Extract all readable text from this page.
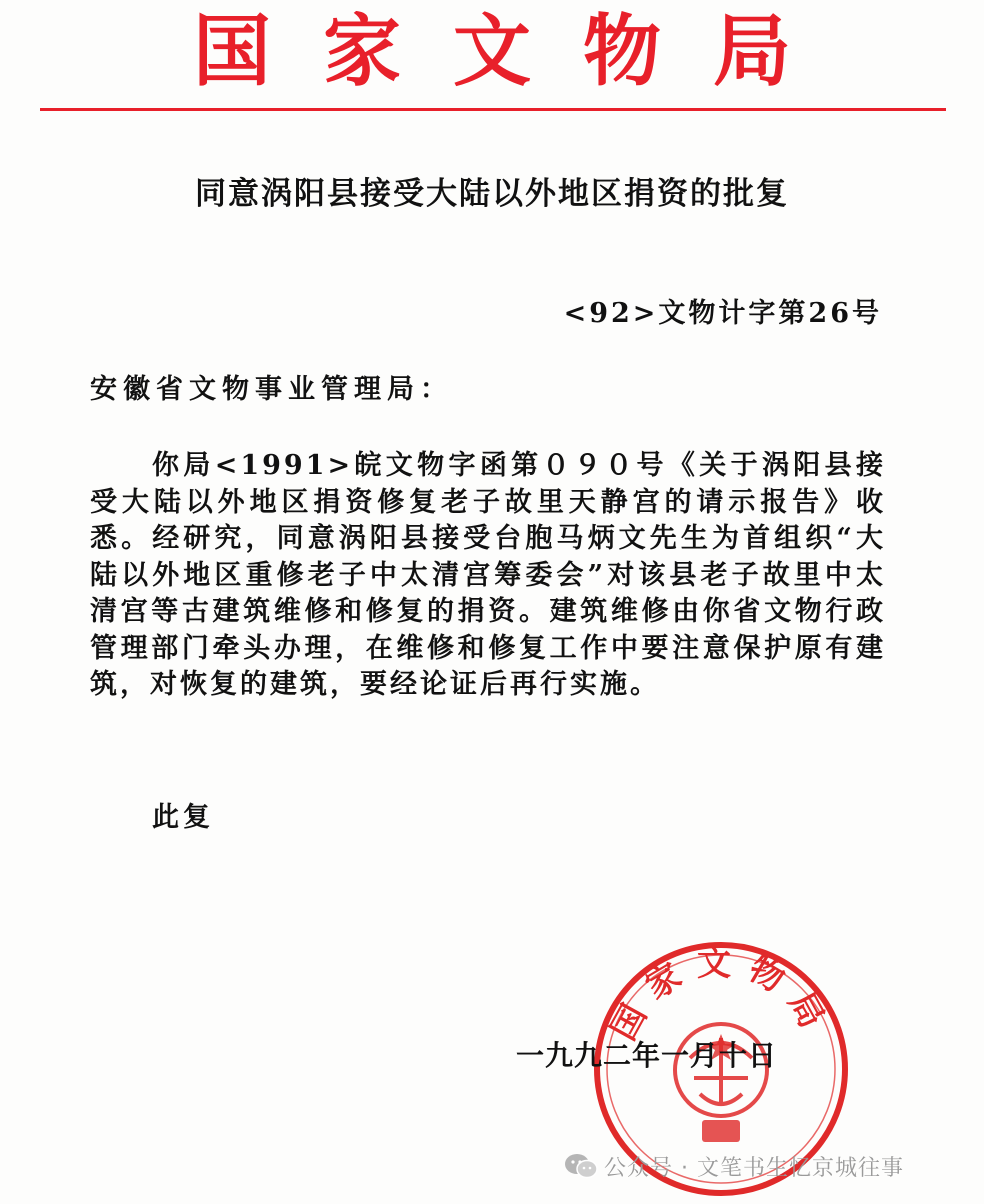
国家文物局
同意涡阳县接受大陆以外地区捐资的批复
<92>文物计字第26号
安徽省文物事业管理局：
你局<1991>皖文物字函第０９０号《关于涡阳县接受大陆以外地区捐资修复老子故里天静宫的请示报告》收悉。经研究，同意涡阳县接受台胞马炳文先生为首组织“大陆以外地区重修老子中太清宫筹委会”对该县老子故里中太清宫等古建筑维修和修复的捐资。建筑维修由你省文物行政管理部门牵头办理，在维修和修复工作中要注意保护原有建筑，对恢复的建筑，要经论证后再行实施。
此复
国家文物局
一九九二年一月十日
公众号 · 文笔书生忆京城往事
